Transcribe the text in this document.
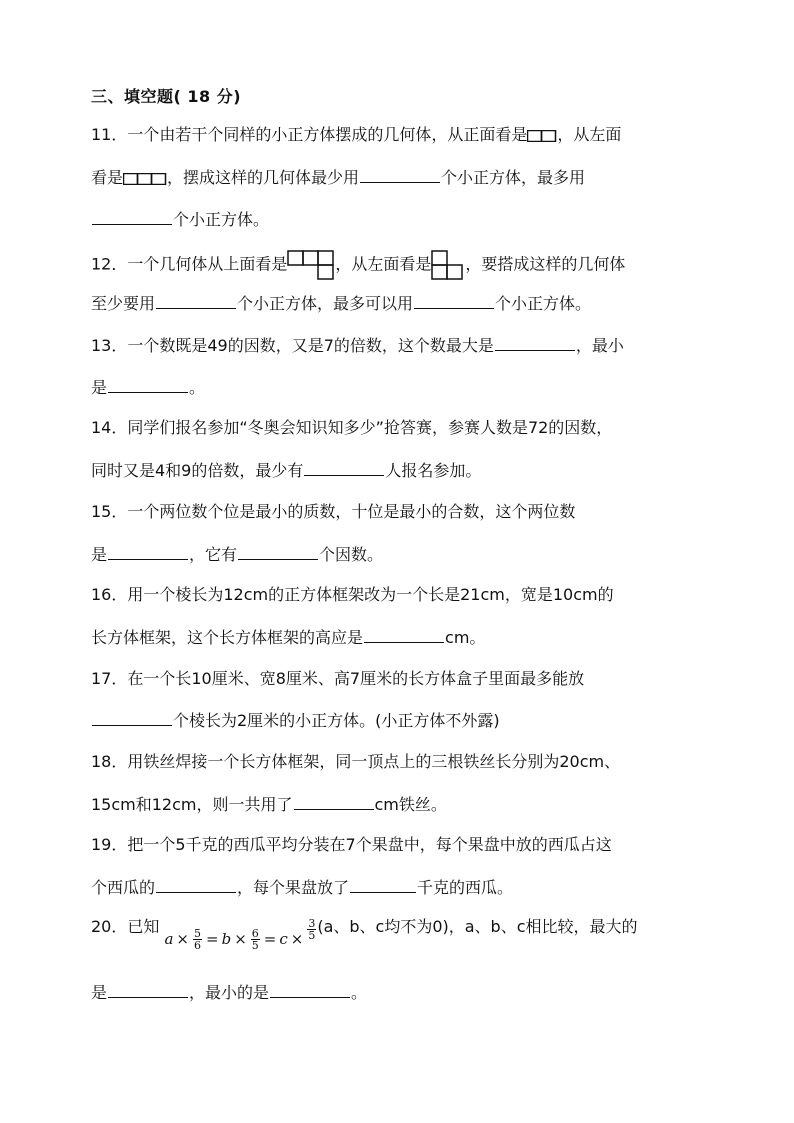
三、填空题( 18 分)
11．一个由若干个同样的小正方体摆成的几何体，从正面看是 ，从左面
看是	，摆成这样的几何体最少用	个小正方体，最多用
个小正方体。
12．一个几何体从上面看是	，从左面看是 ，要搭成这样的几何体
至少要用	个小正方体，最多可以用	个小正方体。
13．一个数既是49的因数，又是7的倍数，这个数最大是	，最小
是	。
14．同学们报名参加“冬奥会知识知多少”抢答赛，参赛人数是72的因数，
同时又是4和9的倍数，最少有	人报名参加。
15．一个两位数个位是最小的质数，十位是最小的合数，这个两位数
是	，它有	个因数。
16．用一个棱长为12cm的正方体框架改为一个长是21cm，宽是10cm的
长方体框架，这个长方体框架的高应是	cm。
17．在一个长10厘米、宽8厘米、高7厘米的长方体盒子里面最多能放
个棱长为2厘米的小正方体。(小正方体不外露)
18．用铁丝焊接一个长方体框架，同一顶点上的三根铁丝长分别为20cm、
15cm和12cm，则一共用了	cm铁丝。
19．把一个5千克的西瓜平均分装在7个果盘中，每个果盘中放的西瓜占这
个西瓜的	，每个果盘放了	千克的西瓜。
20．已知 $a \times \frac{5}{6} = b \times \frac{6}{5} = c \times \frac{3}{5} (a$、b、c均不为0)，a、b、c相比较，最大的
是	，最小的是	。
